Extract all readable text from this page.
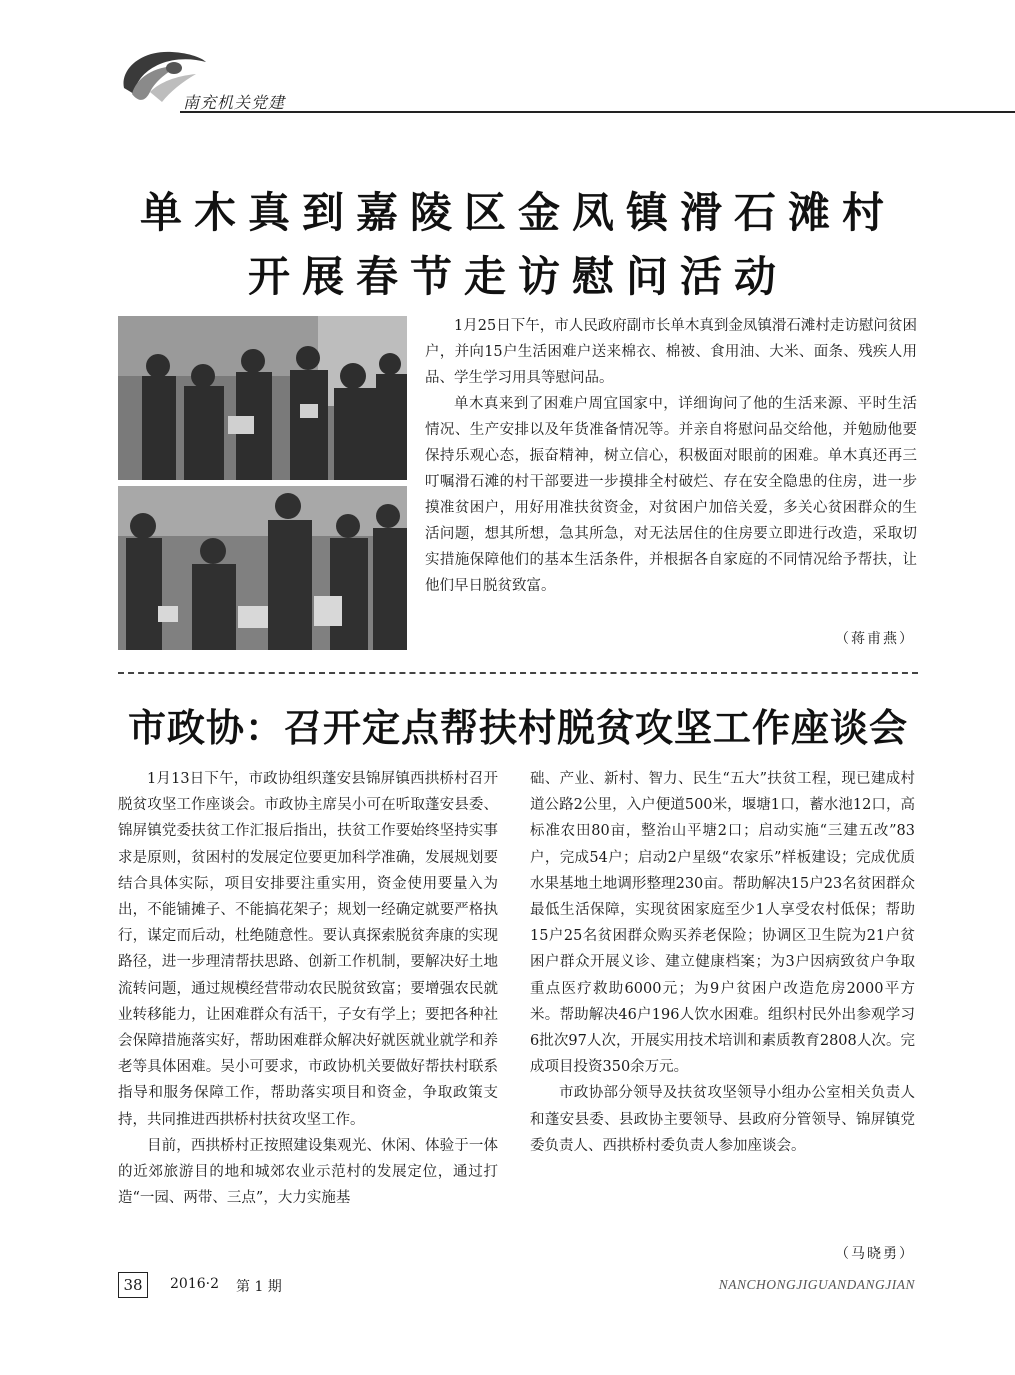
南充机关党建
单木真到嘉陵区金凤镇滑石滩村
开展春节走访慰问活动

1月25日下午，市人民政府副市长单木真到金凤镇滑石滩村走访慰问贫困户，并向15户生活困难户送来棉衣、棉被、食用油、大米、面条、残疾人用品、学生学习用具等慰问品。

单木真来到了困难户周宜国家中，详细询问了他的生活来源、平时生活情况、生产安排以及年货准备情况等。并亲自将慰问品交给他，并勉励他要保持乐观心态，振奋精神，树立信心，积极面对眼前的困难。单木真还再三叮嘱滑石滩的村干部要进一步摸排全村破烂、存在安全隐患的住房，进一步摸准贫困户，用好用准扶贫资金，对贫困户加倍关爱，多关心贫困群众的生活问题，想其所想，急其所急，对无法居住的住房要立即进行改造，采取切实措施保障他们的基本生活条件，并根据各自家庭的不同情况给予帮扶，让他们早日脱贫致富。

（蒋甫燕）
市政协：召开定点帮扶村脱贫攻坚工作座谈会

1月13日下午，市政协组织蓬安县锦屏镇西拱桥村召开脱贫攻坚工作座谈会。市政协主席吴小可在听取蓬安县委、锦屏镇党委扶贫工作汇报后指出，扶贫工作要始终坚持实事求是原则，贫困村的发展定位要更加科学准确，发展规划要结合具体实际，项目安排要注重实用，资金使用要量入为出，不能铺摊子、不能搞花架子；规划一经确定就要严格执行，谋定而后动，杜绝随意性。要认真探索脱贫奔康的实现路径，进一步理清帮扶思路、创新工作机制，要解决好土地流转问题，通过规模经营带动农民脱贫致富；要增强农民就业转移能力，让困难群众有活干，子女有学上；要把各种社会保障措施落实好，帮助困难群众解决好就医就业就学和养老等具体困难。吴小可要求，市政协机关要做好帮扶村联系指导和服务保障工作，帮助落实项目和资金，争取政策支持，共同推进西拱桥村扶贫攻坚工作。

目前，西拱桥村正按照建设集观光、休闲、体验于一体的近郊旅游目的地和城郊农业示范村的发展定位，通过打造“一园、两带、三点”，大力实施基

础、产业、新村、智力、民生“五大”扶贫工程，现已建成村道公路2公里，入户便道500米，堰塘1口，蓄水池12口，高标准农田80亩，整治山平塘2口；启动实施“三建五改”83户，完成54户；启动2户星级“农家乐”样板建设；完成优质水果基地土地调形整理230亩。帮助解决15户23名贫困群众最低生活保障，实现贫困家庭至少1人享受农村低保；帮助15户25名贫困群众购买养老保险；协调区卫生院为21户贫困户群众开展义诊、建立健康档案；为3户因病致贫户争取重点医疗救助6000元；为9户贫困户改造危房2000平方米。帮助解决46户196人饮水困难。组织村民外出参观学习6批次97人次，开展实用技术培训和素质教育2808人次。完成项目投资350余万元。

市政协部分领导及扶贫攻坚领导小组办公室相关负责人和蓬安县委、县政协主要领导、县政府分管领导、锦屏镇党委负责人、西拱桥村委负责人参加座谈会。

（马晓勇）
38	2016·2 第 1 期	NANCHONGJIGUANDANGJIAN
